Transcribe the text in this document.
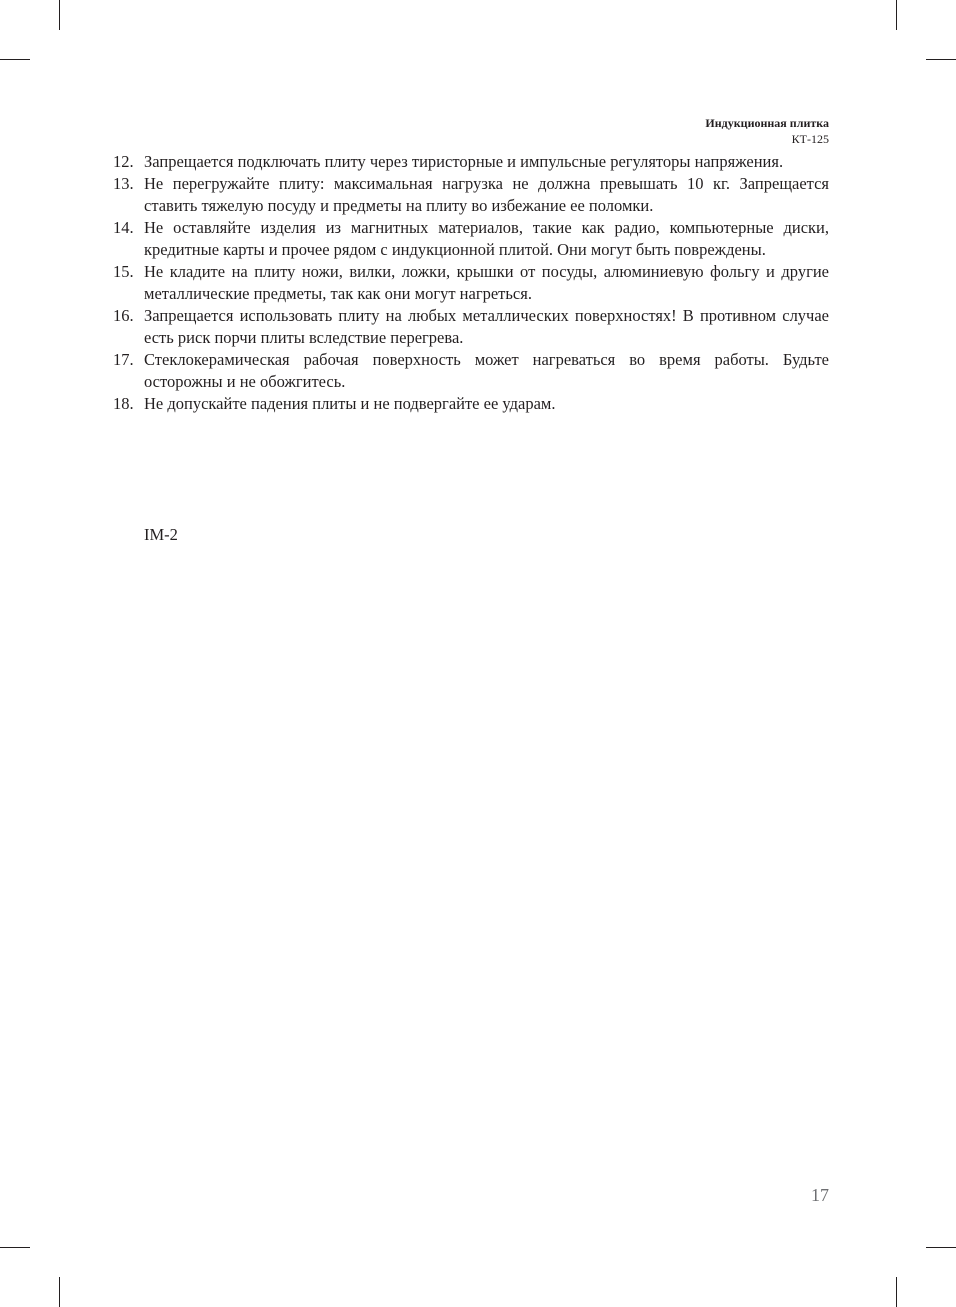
Индукционная плитка
КТ-125
12. Запрещается подключать плиту через тиристорные и импульсные регуляторы напряжения.
13. Не перегружайте плиту: максимальная нагрузка не должна превышать 10 кг. Запрещается ставить тяжелую посуду и предметы на плиту во избежание ее поломки.
14. Не оставляйте изделия из магнитных материалов, такие как радио, компьютерные диски, кредитные карты и прочее рядом с индукционной плитой. Они могут быть повреждены.
15. Не кладите на плиту ножи, вилки, ложки, крышки от посуды, алюминиевую фольгу и другие металлические предметы, так как они могут нагреться.
16. Запрещается использовать плиту на любых металлических поверхностях! В противном случае есть риск порчи плиты вследствие перегрева.
17. Стеклокерамическая рабочая поверхность может нагреваться во время работы. Будьте осторожны и не обожгитесь.
18. Не допускайте падения плиты и не подвергайте ее ударам.
IM-2
17
